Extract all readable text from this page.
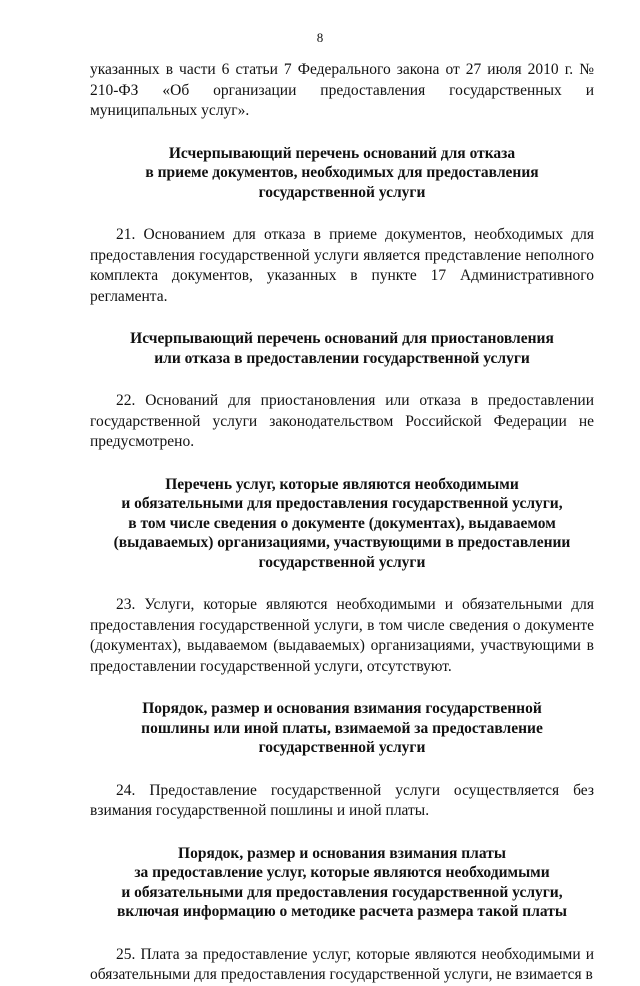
8

указанных в части 6 статьи 7 Федерального закона от 27 июля 2010 г. № 210-ФЗ «Об организации предоставления государственных и муниципальных услуг».

Исчерпывающий перечень оснований для отказа
в приеме документов, необходимых для предоставления
государственной услуги

21. Основанием для отказа в приеме документов, необходимых для предоставления государственной услуги является представление неполного комплекта документов, указанных в пункте 17 Административного регламента.

Исчерпывающий перечень оснований для приостановления
или отказа в предоставлении государственной услуги

22. Оснований для приостановления или отказа в предоставлении государственной услуги законодательством Российской Федерации не предусмотрено.

Перечень услуг, которые являются необходимыми
и обязательными для предоставления государственной услуги,
в том числе сведения о документе (документах), выдаваемом
(выдаваемых) организациями, участвующими в предоставлении
государственной услуги

23. Услуги, которые являются необходимыми и обязательными для предоставления государственной услуги, в том числе сведения о документе (документах), выдаваемом (выдаваемых) организациями, участвующими в предоставлении государственной услуги, отсутствуют.

Порядок, размер и основания взимания государственной
пошлины или иной платы, взимаемой за предоставление
государственной услуги

24. Предоставление государственной услуги осуществляется без взимания государственной пошлины и иной платы.

Порядок, размер и основания взимания платы
за предоставление услуг, которые являются необходимыми
и обязательными для предоставления государственной услуги,
включая информацию о методике расчета размера такой платы

25. Плата за предоставление услуг, которые являются необходимыми и обязательными для предоставления государственной услуги, не взимается в
